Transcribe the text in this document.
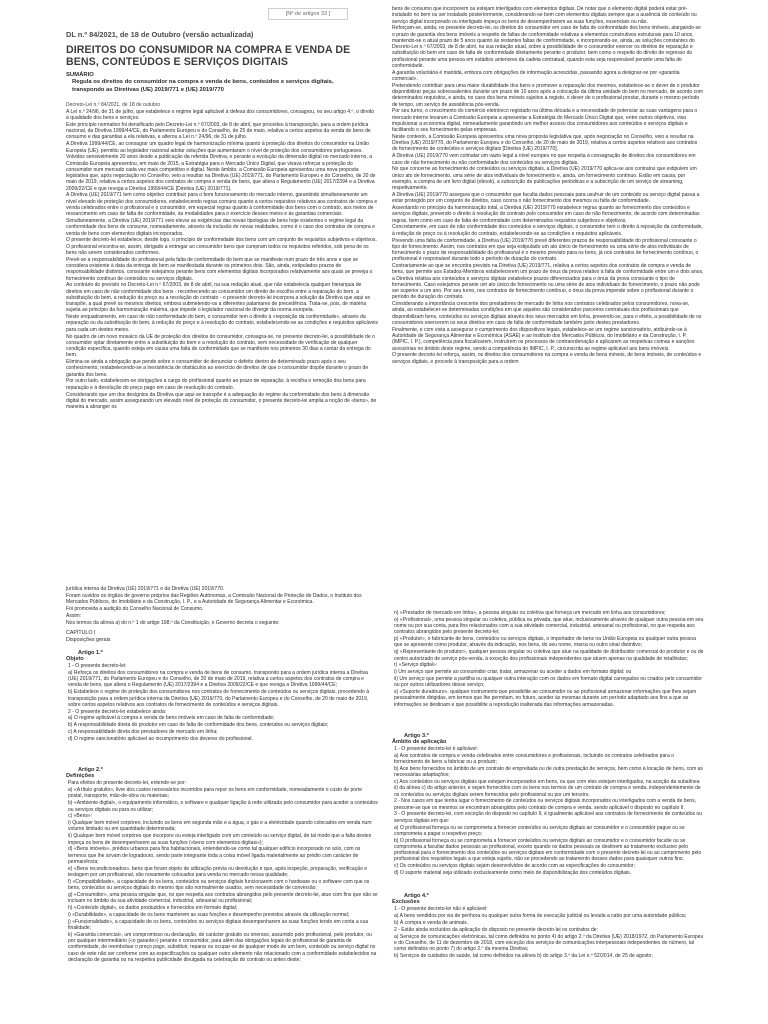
[Nº de artigos 33 ]
DL n.º 84/2021, de 18 de Outubro (versão actualizada)
DIREITOS DO CONSUMIDOR NA COMPRA E VENDA DE BENS, CONTEÚDOS E SERVIÇOS DIGITAIS
SUMÁRIO
Regula os direitos do consumidor na compra e venda de bens, conteúdos e serviços digitais, transpondo as Diretivas (UE) 2019/771 e (UE) 2019/770

Decreto-Lei n.º 84/2021, de 18 de outubro

A Lei n.º 24/96, de 31 de julho, que estabelece o regime legal aplicável à defesa dos consumidores, consagrou, no seu artigo 4.º, o direito à qualidade dos bens e serviços.

Este princípio normativo foi densificado pelo Decreto-Lei n.º 67/2003, de 8 de abril, que procedeu à transposição, para a ordem jurídica nacional, da Diretiva 1999/44/CE, do Parlamento Europeu e do Conselho, de 25 de maio, relativa a certos aspetos da venda de bens de consumo e das garantias a ela relativas, e alterou a Lei n.º 24/96, de 31 de julho.

A Diretiva 1999/44/CE, ao consagrar um quadro legal de harmonização mínima quanto à proteção dos direitos do consumidor na União Europeia (UE), permitiu ao legislador nacional adotar soluções que aumentaram o nível de proteção dos consumidores portugueses.

Volvidos sensivelmente 20 anos desde a publicação da referida Diretiva, e perante a evolução da dimensão digital no mercado interno, a Comissão Europeia apresentou, em maio de 2015, a Estratégia para o Mercado Único Digital, que visava reforçar a proteção do consumidor num mercado cada vez mais competitivo e digital. Neste âmbito, a Comissão Europeia apresentou uma nova proposta legislativa que, após negociação no Conselho, veio a resultar na Diretiva (UE) 2019/771, do Parlamento Europeu e do Conselho, de 20 de maio de 2019, relativa a certos aspetos dos contratos de compra e venda de bens, que altera o Regulamento (UE) 2017/2394 e a Diretiva 2009/22/CE e que revoga a Diretiva 1999/44/CE [Diretiva (UE) 2019/771].

A Diretiva (UE) 2019/771 tem como objetivo contribuir para o bom funcionamento do mercado interno, garantindo simultaneamente um nível elevado de proteção dos consumidores, estabelecendo regras comuns quanto a certos requisitos relativos aos contratos de compra e venda celebrados entre o profissional e o consumidor, em especial regras quanto à conformidade dos bens com o contrato, aos meios de ressarcimento em caso de falta de conformidade, às modalidades para o exercício desses meios e às garantias comerciais.

Simultaneamente, a Diretiva (UE) 2019/771 veio elevar as exigências das novas tipologias de bens hoje existentes o regime legal da conformidade dos bens de consumo, nomeadamente, através da inclusão de novas realidades, como é o caso dos contratos de compra e venda de bens com elementos digitais incorporados.

O presente decreto-lei estabelece, desde logo, o princípio de conformidade dos bens com um conjunto de requisitos subjetivos e objetivos. O profissional encontra-se, assim, obrigado a entregar ao consumidor bens que cumpram todos os requisitos referidos, sob pena de os bens não serem considerados conformes.

Prevê-se a responsabilidade do profissional pela falta de conformidade do bem que se manifeste num prazo de três anos e que se considera existente à data da entrega do bem se manifestada durante os primeiros dois. São, ainda, estipulados prazos de responsabilidade distintos, consoante estejamos perante bens com elementos digitais incorporados relativamente aos quais se preveja o fornecimento contínuo de conteúdos ou serviços digitais.

Ao contrário do previsto no Decreto-Lei n.º 67/2003, de 8 de abril, na sua redação atual, que não estabelecia qualquer hierarquia de direitos em caso de não conformidade dos bens - reconhecendo ao consumidor um direito de escolha entre a reparação do bem, a substituição do bem, a redução do preço ou a resolução do contrato - o presente decreto-lei incorpora a solução da Diretiva que aqui se transpõe, a qual prevê os mesmos direitos, embora submetendo-os a diferentes patamares de precedência. Trata-se, pois, de matéria sujeita ao princípio da harmonização máxima, que impede o legislador nacional de divergir da norma europeia.

Neste enquadramento, em caso de não conformidade do bem, o consumidor tem o direito à «reposição da conformidade», através da reparação ou da substituição do bem, à redução do preço e à resolução do contrato, estabelecendo-se as condições e requisitos aplicáveis para cada um destes meios.

No quadro de um novo mosaico da UE de proteção dos direitos do consumidor, consagra-se, no presente decreto-lei, a possibilidade de o consumidor optar diretamente entre a substituição do bem e a resolução do contrato, sem necessidade de verificação de qualquer condição específica, quando esteja em causa uma falta de conformidade que se manifeste nos primeiros 30 dias a contar da entrega do bem.

Elimina-se ainda a obrigação que pende sobre o consumidor de denunciar o defeito dentro de determinado prazo após o seu conhecimento, restabelecendo-se a inexistência de obstáculos ao exercício de direitos de que o consumidor dispõe durante o prazo de garantia dos bens.

Por outro lado, estabelecem-se obrigações a cargo do profissional quanto ao prazo de reparação, à recolha e remoção dos bens para reparação e à devolução do preço pago em caso de resolução do contrato.

Considerando que um dos desígnios da Diretiva que aqui se transpõe é a adequação do regime da conformidade dos bens à dimensão digital do mercado, assim assegurando um elevado nível de proteção do consumidor, o presente decreto-lei amplia a noção de «bens», de maneira a abranger os

bens de consumo que incorporem ou estejam interligados com elementos digitais. De notar que o elemento digital poderá estar pré-instalado no bem ou ser instalado posteriormente, considerando-se bem com elementos digitais sempre que a ausência do conteúdo ou serviço digital incorporado ou interligado impeça os bens de desempenharem as suas funções, essenciais ou não.

Reforçam-se, ainda, no presente decreto-lei, os direitos do consumidor em caso de falta de conformidade dos bens imóveis, alargando-se o prazo de garantia dos bens imóveis a respeito de faltas de conformidade relativas a elementos construtivos estruturais para 10 anos, mantendo-se o atual prazo de 5 anos quanto às restantes faltas de conformidade, e incorporando-se, ainda, as soluções constantes do Decreto-Lei n.º 67/2003, de 8 de abril, na sua redação atual, sobre a possibilidade de o consumidor exercer os direitos de reparação e substituição do bem em caso de falta de conformidade diretamente perante o produtor, bem como o respeito do direito de regresso do profissional perante uma pessoa em estádios anteriores da cadeia contratual, quando esta seja responsável perante uma falta de conformidade.

A garantia voluntária é mantida, embora com obrigações de informação acrescidas, passando agora a designar-se por «garantia comercial».

Pretendendo contribuir para uma maior durabilidade dos bens e promover a reparação dos mesmos, estabelece-se o dever de o produtor disponibilizar peças sobressalentes durante um prazo de 10 anos após a colocação da última unidade do bem no mercado, de acordo com determinados requisitos, e ainda, no caso dos bens móveis sujeitos a registo, o dever de o profissional prestar, durante o mesmo período de tempo, um serviço de assistência pós-venda.

Por seu turno, o crescimento do comércio eletrónico registado na última década e a necessidade de potenciar as suas vantagens para o mercado interno levaram a Comissão Europeia a apresentar a Estratégia do Mercado Único Digital que, entre outros objetivos, visa impulsionar a economia digital, nomeadamente garantindo um melhor acesso dos consumidores aos conteúdos e serviços digitais e facilitando o seu fornecimento pelas empresas.

Neste contexto, a Comissão Europeia apresentou uma nova proposta legislativa que, após negociação no Conselho, veio a resultar na Diretiva (UE) 2019/770, do Parlamento Europeu e do Conselho, de 20 de maio de 2019, relativa a certos aspetos relativos aos contratos de fornecimento de conteúdos e serviços digitais [Diretiva (UE) 2019/770].

A Diretiva (UE) 2019/770 vem colmatar um vazio legal a nível europeu no que respeita à consagração de direitos dos consumidores em caso de não fornecimento ou não conformidade dos conteúdos ou serviços digitais.

No que concerne ao fornecimento de conteúdos ou serviços digitais, a Diretiva (UE) 2019/770 aplica-se aos contratos que estipulem um único ato de fornecimento, uma série de atos individuais de fornecimento e, ainda, um fornecimento contínuo. Estão em causa, por exemplo, a compra de um livro digital (ebook), a subscrição de publicações periódicas e a subscrição de um serviço de streaming, respetivamente.

A Diretiva (UE) 2019/770 assegura que o consumidor que faculta dados pessoais para usufruir de um conteúdo ou serviço digital passa a estar protegido por um conjunto de direitos, caso ocorra o não fornecimento dos mesmos ou falta de conformidade.

Assentando no princípio da harmonização total, a Diretiva (UE) 2019/770 estabelece regras quanto ao fornecimento dos conteúdos e serviços digitais, prevendo o direito à resolução do contrato pelo consumidor em caso de não fornecimento, de acordo com determinadas regras, bem como em caso de falta de conformidade com determinados requisitos subjetivos e objetivos.

Concretamente, em caso de não conformidade dos conteúdos e serviços digitais, o consumidor tem o direito à reposição da conformidade, à redução do preço ou à resolução do contrato, estabelecendo-se as condições e requisitos aplicáveis.

Prevendo uma falta de conformidade, a Diretiva (UE) 2019/770 prevê diferentes prazos de responsabilidade do profissional consoante o tipo de fornecimento. Assim, nos contratos em que seja estipulado um ato único de fornecimento ou uma série de atos individuais de fornecimento o prazo de responsabilidade do profissional é o mesmo previsto para os bens, já nos contratos de fornecimento contínuo, o profissional é responsável durante todo o período de duração do contrato.

Contrariamente ao que se encontra previsto na Diretiva (UE) 2019/771, relativa a certos aspetos dos contratos de compra e venda de bens, que permite aos Estados-Membros estabelecerem um prazo de ónus da prova relativo à falta de conformidade entre um e dois anos, a Diretiva relativa aos conteúdos e serviços digitais estabelece prazos diferenciados para o ónus da prova consoante o tipo de fornecimento. Caso estejamos perante um ato único de fornecimento ou uma série de atos individuais de fornecimento, o prazo não pode ser superior a um ano. Por seu turno, nos contratos de fornecimento contínuo, o ónus da prova impende sobre o profissional durante o período de duração do contrato.

Considerando a importância crescente dos prestadores de mercado de linha nos contratos celebrados pelos consumidores, nova-se, ainda, ao estabelecer-se determinadas condições em que aqueles são considerados parceiros contratuais dos profissionais que disponibilizam bens, conteúdos ou serviços digitais através dos seus mercados em linha, prevendo-se, para o efeito, a possibilidade de os consumidores exercerem os seus direitos em caso de falta de conformidade também junto destes prestadores.

Finalmente, e com vista a assegurar o cumprimento dos dispositivos legais, estabelece-se um regime sancionatório, atribuindo-se à Autoridade de Segurança Alimentar e Económica (ASAE) e ao Instituto dos Mercados Públicos, do Imobiliário e da Construção, I. P. (IMPIC, I. P.), competência para fiscalizarem, instruírem os processos de contraordenação e aplicarem as respetivas coimas e sanções acessórias no âmbito deste regime, sendo a competência do IMPIC, I. P., circunscrita ao regime aplicável aos bens imóveis.

O presente decreto-lei reforça, assim, os direitos dos consumidores na compra e venda de bens móveis, de bens imóveis, de conteúdos e serviços digitais, e procede à transposição para a ordem

jurídica interna da Diretiva (UE) 2019/771 e da Diretiva (UE) 2019/770.

Foram ouvidos os órgãos de governo próprios das Regiões Autónomas, a Comissão Nacional de Proteção de Dados, o Instituto dos Mercados Públicos, do Imobiliário e da Construção, I. P., e a Autoridade de Segurança Alimentar e Económica.

Foi promovida a audição do Conselho Nacional de Consumo.

Assim:

Nos termos da alínea a) do n.º 1 do artigo 198.º da Constituição, o Governo decreta o seguinte:

CAPÍTULO I

Disposições gerais

Artigo 1.º

Objeto

1 - O presente decreto-lei:

a) Reforça os direitos dos consumidores na compra e venda de bens de consumo, transpondo para a ordem jurídica interna a Diretiva (UE) 2019/771, do Parlamento Europeu e do Conselho, de 20 de maio de 2019, relativa a certos aspetos dos contratos de compra e venda de bens, que altera o Regulamento (UE) 2017/2394 e a Diretiva 2009/22/CE e que revoga a Diretiva 1999/44/CE;

b) Estabelece o regime de proteção dos consumidores nos contratos de fornecimento de conteúdos ou serviços digitais, procedendo à transposição para a ordem jurídica interna da Diretiva (UE) 2019/770, do Parlamento Europeu e do Conselho, de 20 de maio de 2019, sobre certos aspetos relativos aos contratos de fornecimento de conteúdos e serviços digitais.

2 - O presente decreto-lei estabelece ainda:

a) O regime aplicável à compra e venda de bens imóveis em caso de falta de conformidade;

b) A responsabilidade direta do produtor em caso de falta de conformidade dos bens, conteúdos ou serviços digitais;

c) A responsabilidade direta dos prestadores de mercado em linha;

d) O regime sancionatório aplicável ao incumprimento dos deveres do profissional.

Artigo 2.º

Definições

Para efeitos do presente decreto-lei, entende-se por:

a) «A título gratuito», livre dos custos necessários incorridos para repor os bens em conformidade, nomeadamente o custo de porte postal, transporte, mão-de-obra ou materiais;

b) «Ambiente digital», o equipamento informático, o software e qualquer ligação à rede utilizada pelo consumidor para aceder a conteúdos ou serviços digitais ou para os utilizar;

c) «Bens»:

i) Qualquer bem móvel corpóreo, incluindo os bens em segunda mão e a água, o gás e a eletricidade quando colocados em venda num volume limitado ou em quantidade determinada;

ii) Qualquer bem móvel corpóreo que incorpore ou esteja interligado com um conteúdo ou serviço digital, de tal modo que a falta destes impeça os bens de desempenharem as suas funções («bens com elementos digitais»);

d) «Bens imóveis», prédios urbanos para fins habitacionais, entendendo-se como tal qualquer edifício incorporado no solo, com os terrenos que lhe sirvam de logradouro, sendo parte integrante toda a coisa móvel ligada materialmente ao prédio com carácter de permanência;

e) «Bens recondicionados», bens que foram objeto de utilização prévia ou devolução e que, após inspeção, preparação, verificação e testagem por um profissional, são novamente colocados para venda no mercado nessa qualidade;

f) «Compatibilidade», a capacidade de os bens, conteúdos ou serviços digitais funcionarem com o hardware ou o software com que os bens, conteúdos ou serviços digitais do mesmo tipo são normalmente usados, sem necessidade de conversão;

g) «Consumidor», uma pessoa singular que, no que respeita aos contratos abrangidos pelo presente decreto-lei, atue com fins que não se incluam no âmbito da sua atividade comercial, industrial, artesanal ou profissional;

h) «Conteúdo digital», os dados produzidos e fornecidos em formato digital;

i) «Durabilidade», a capacidade de os bens manterem as suas funções e desempenho previstos através da utilização normal;

j) «Funcionalidade», a capacidade de os bens, conteúdos ou serviços digitais desempenharem as suas funções tendo em conta a sua finalidade;

k) «Garantia comercial», um compromisso ou declaração, de carácter gratuito ou oneroso, assumido pelo profissional, pelo produtor, ou por qualquer intermediário («o garante») perante o consumidor, para além das obrigações legais do profissional de garantia de conformidade, de reembolsar o preço pago, substituir, reparar ou ocupar-se de qualquer modo de um bem, conteúdo ou serviço digital no caso de este não ser conforme com as especificações ou qualquer outro elemento não relacionado com a conformidade estabelecidos na declaração de garantia ou na respetiva publicidade divulgada na celebração do contrato ou antes deste;

n) «Prestador de mercado em linha», a pessoa singular ou coletiva que forneça um mercado em linha aos consumidores;

o) «Profissional», uma pessoa singular ou coletiva, pública ou privada, que atue, inclusivamente através de qualquer outra pessoa em seu nome ou por sua conta, para fins relacionados com a sua atividade comercial, industrial, artesanal ou profissional, no que respeita aos contratos abrangidos pelo presente decreto-lei;

p) «Produtor», o fabricante de bens, conteúdos ou serviços digitais, o importador de bens na União Europeia ou qualquer outra pessoa que se apresente como produtor, através da indicação, nos bens, do seu nome, marca ou outro sinal distintivo;

q) «Representante do produtor», qualquer pessoa singular ou coletiva que atue na qualidade de distribuidor comercial do produtor e ou de centro autorizado de serviço pós-venda, à exceção dos profissionais independentes que atuem apenas na qualidade de retalhistas;

r) «Serviço digital»:

i) Um serviço que permite ao consumidor criar, tratar, armazenar ou aceder a dados em formato digital; ou

ii) Um serviço que permite a partilha ou qualquer outra interação com os dados em formato digital carregados ou criados pelo consumidor ou por outros utilizadores desse serviço;

s) «Suporte duradouro», qualquer instrumento que possibilite ao consumidor ou ao profissional armazenar informações que lhes sejam pessoalmente dirigidas, em termos que lhe permitam, no futuro, aceder às mesmas durante um período adaptado aos fins a que as informações se destinam e que possibilite a reprodução inalterada das informações armazenadas.

Artigo 3.º

Âmbito de aplicação

1 - O presente decreto-lei é aplicável:

a) Aos contratos de compra e venda celebrados entre consumidores e profissionais, incluindo os contratos celebrados para o fornecimento de bens a fabricar ou a produzir;

b) Aos bens fornecidos no âmbito de um contrato de empreitada ou de outra prestação de serviços, bem como à locação de bens, com as necessárias adaptações;

c) Aos conteúdos ou serviços digitais que estejam incorporados em bens, ou que com eles estejam interligados, na aceção da subalínea ii) da alínea c) do artigo anterior, e sejam fornecidos com os bens nos termos de um contrato de compra e venda, independentemente de os conteúdos ou serviços digitais serem fornecidos pelo profissional ou por um terceiro.

2 - Nos casos em que tenha lugar o fornecimento de conteúdos ou serviços digitais incorporados ou interligados com a venda de bens, presume-se que os mesmos se encontram abrangidos pelo contrato de compra e venda, sendo aplicável o disposto no capítulo II.

3 - O presente decreto-lei, com exceção do disposto no capítulo II, é igualmente aplicável aos contratos de fornecimento de conteúdos ou serviços digitais em que:

a) O profissional forneça ou se comprometa a fornecer conteúdos ou serviços digitais ao consumidor e o consumidor pague ou se comprometa a pagar o respetivo preço;

b) O profissional forneça ou se comprometa a fornecer conteúdos ou serviços digitais ao consumidor e o consumidor faculte ou se comprometa a facultar dados pessoais ao profissional, exceto quando os dados pessoais se destinem ao tratamento exclusivo pelo profissional para o fornecimento dos conteúdos ou serviços digitais em conformidade com o presente decreto-lei ou ao cumprimento pelo profissional dos requisitos legais a que esteja sujeito, não se procedendo ao tratamento desses dados para quaisquer outros fins;

c) Os conteúdos ou serviços digitais sejam desenvolvidos de acordo com as especificações do consumidor;

d) O suporte material seja utilizado exclusivamente como meio de disponibilização dos conteúdos digitais.

Artigo 4.º

Exclusões

1 - O presente decreto-lei não é aplicável:

a) A bens vendidos por via de penhora ou qualquer outra forma de execução judicial ou levada a cabo por uma autoridade pública;

b) À compra e venda de animais.

2 - Estão ainda excluídos da aplicação do disposto no presente decreto-lei os contratos de:

a) Serviços de comunicações eletrónicas, tal como definidos no ponto 4) do artigo 2.º da Diretiva (UE) 2018/1972, do Parlamento Europeu e do Conselho, de 11 de dezembro de 2018, com exceção dos serviços de comunicações interpessoais independentes do número, tal como definidos no ponto 7) do artigo 2.º da mesma Diretiva;

b) Serviços de cuidados de saúde, tal como definidos na alínea b) do artigo 3.º da Lei n.º 52/2014, de 25 de agosto;
